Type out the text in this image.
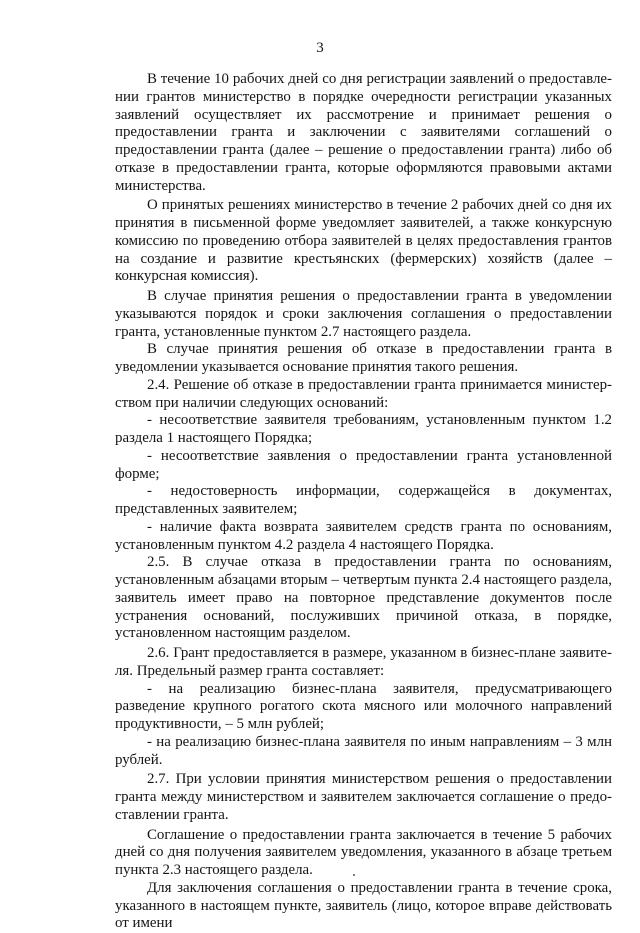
3

В течение 10 рабочих дней со дня регистрации заявлений о предоставлении грантов министерство в порядке очередности регистрации указанных заявлений осуществляет их рассмотрение и принимает решения о предоставлении гранта и заключении с заявителями соглашений о предоставлении гранта (далее – решение о предоставлении гранта) либо об отказе в предоставлении гранта, которые оформляются правовыми актами министерства.

О принятых решениях министерство в течение 2 рабочих дней со дня их принятия в письменной форме уведомляет заявителей, а также конкурсную комиссию по проведению отбора заявителей в целях предоставления грантов на создание и развитие крестьянских (фермерских) хозяйств (далее – конкурсная комиссия).

В случае принятия решения о предоставлении гранта в уведомлении указываются порядок и сроки заключения соглашения о предоставлении гранта, установленные пунктом 2.7 настоящего раздела.

В случае принятия решения об отказе в предоставлении гранта в уведомлении указывается основание принятия такого решения.

2.4. Решение об отказе в предоставлении гранта принимается министерством при наличии следующих оснований:

- несоответствие заявителя требованиям, установленным пунктом 1.2 раздела 1 настоящего Порядка;

- несоответствие заявления о предоставлении гранта установленной форме;

- недостоверность информации, содержащейся в документах, представленных заявителем;

- наличие факта возврата заявителем средств гранта по основаниям, установленным пунктом 4.2 раздела 4 настоящего Порядка.

2.5. В случае отказа в предоставлении гранта по основаниям, установленным абзацами вторым – четвертым пункта 2.4 настоящего раздела, заявитель имеет право на повторное представление документов после устранения оснований, послуживших причиной отказа, в порядке, установленном настоящим разделом.

2.6. Грант предоставляется в размере, указанном в бизнес-плане заявителя. Предельный размер гранта составляет:

- на реализацию бизнес-плана заявителя, предусматривающего разведение крупного рогатого скота мясного или молочного направлений продуктивности, – 5 млн рублей;

- на реализацию бизнес-плана заявителя по иным направлениям – 3 млн рублей.

2.7. При условии принятия министерством решения о предоставлении гранта между министерством и заявителем заключается соглашение о предоставлении гранта.

Соглашение о предоставлении гранта заключается в течение 5 рабочих дней со дня получения заявителем уведомления, указанного в абзаце третьем пункта 2.3 настоящего раздела.

Для заключения соглашения о предоставлении гранта в течение срока, указанного в настоящем пункте, заявитель (лицо, которое вправе действовать от имени
